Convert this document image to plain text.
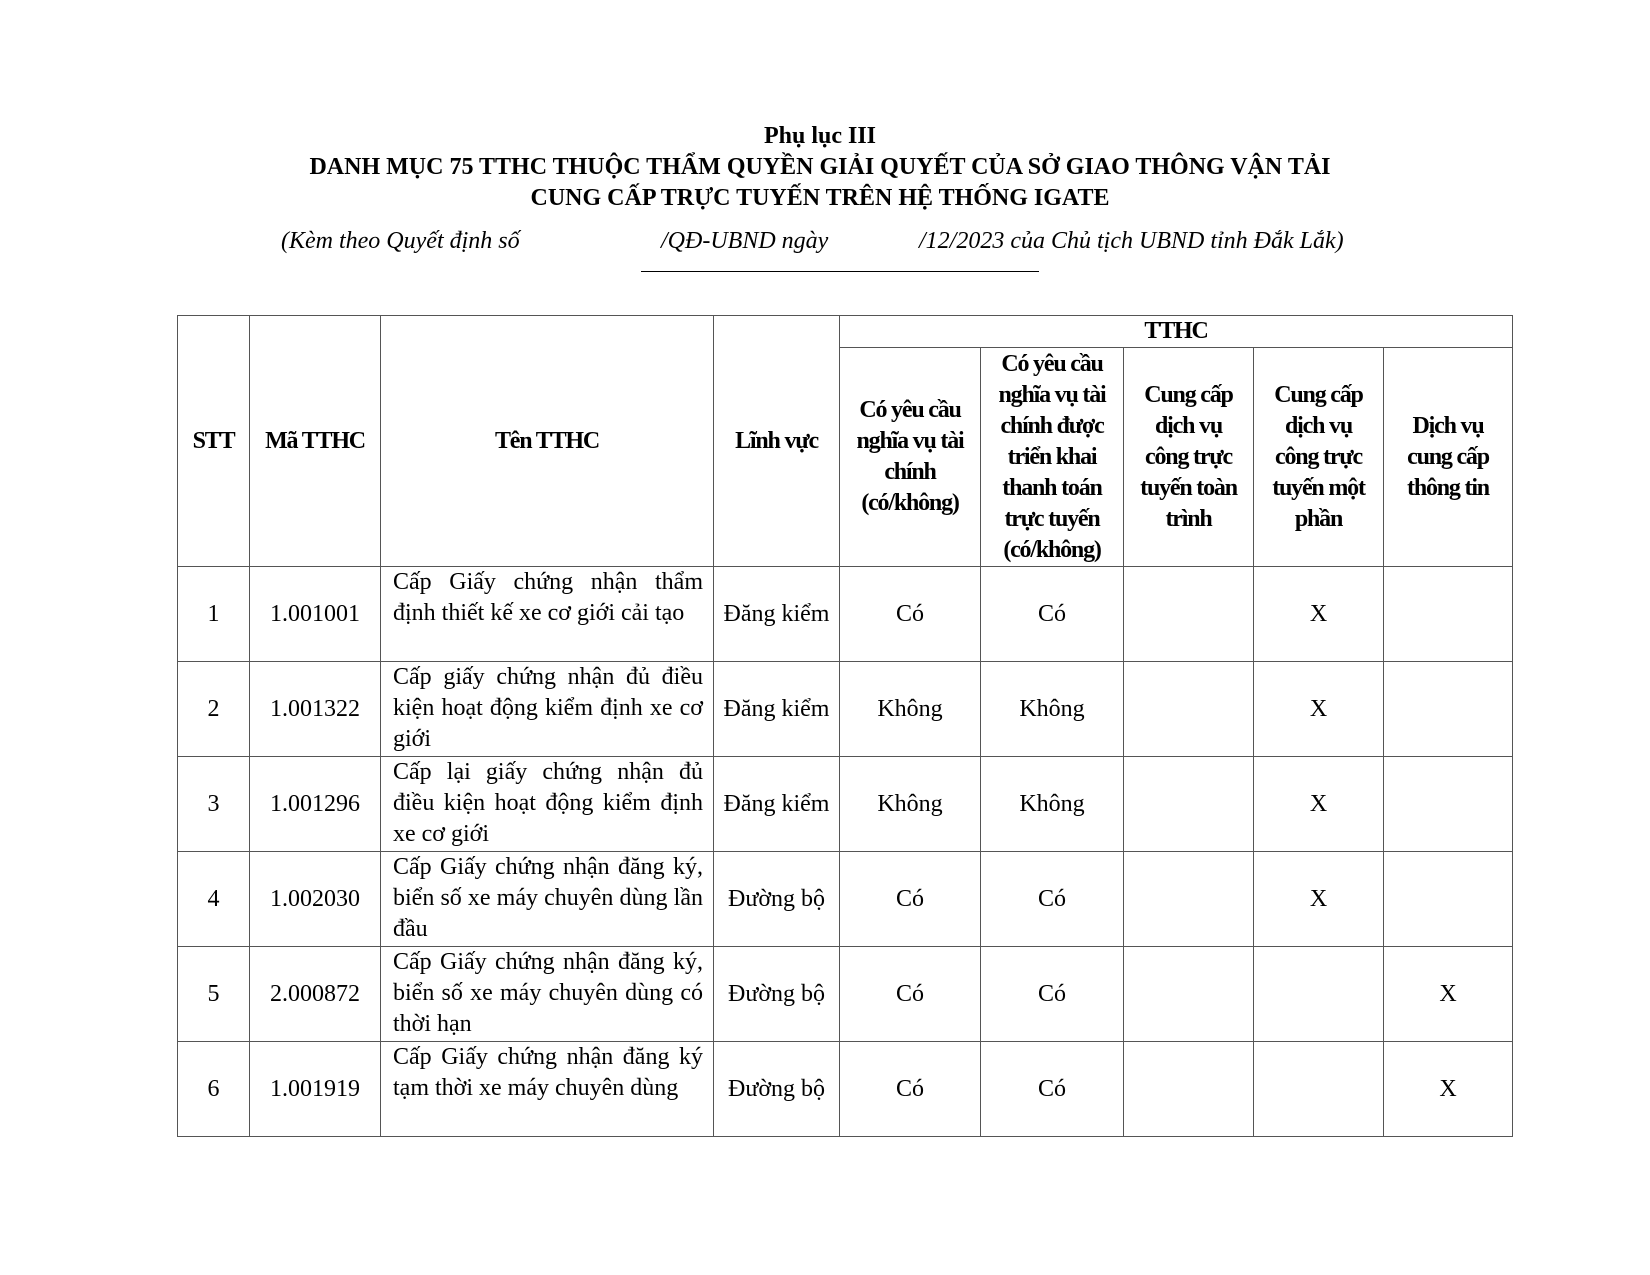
Phụ lục III
DANH MỤC 75 TTHC THUỘC THẨM QUYỀN GIẢI QUYẾT CỦA SỞ GIAO THÔNG VẬN TẢI
CUNG CẤP TRỰC TUYẾN TRÊN HỆ THỐNG IGATE
(Kèm theo Quyết định số	/QĐ-UBND ngày	/12/2023 của Chủ tịch UBND tỉnh Đắk Lắk)
STT	Mã TTHC	Tên TTHC	Lĩnh vực	TTHC				
				Có yêu cầu nghĩa vụ tài chính (có/không)	Có yêu cầu nghĩa vụ tài chính được triển khai thanh toán trực tuyến (có/không)	Cung cấp dịch vụ công trực tuyến toàn trình	Cung cấp dịch vụ công trực tuyến một phần	Dịch vụ cung cấp thông tin
1	1.001001	Cấp Giấy chứng nhận thẩm định thiết kế xe cơ giới cải tạo	Đăng kiểm	Có	Có		X	
2	1.001322	Cấp giấy chứng nhận đủ điều kiện hoạt động kiểm định xe cơ giới	Đăng kiểm	Không	Không		X	
3	1.001296	Cấp lại giấy chứng nhận đủ điều kiện hoạt động kiểm định xe cơ giới	Đăng kiểm	Không	Không		X	
4	1.002030	Cấp Giấy chứng nhận đăng ký, biển số xe máy chuyên dùng lần đầu	Đường bộ	Có	Có		X	
5	2.000872	Cấp Giấy chứng nhận đăng ký, biển số xe máy chuyên dùng có thời hạn	Đường bộ	Có	Có			X
6	1.001919	Cấp Giấy chứng nhận đăng ký tạm thời xe máy chuyên dùng	Đường bộ	Có	Có			X
